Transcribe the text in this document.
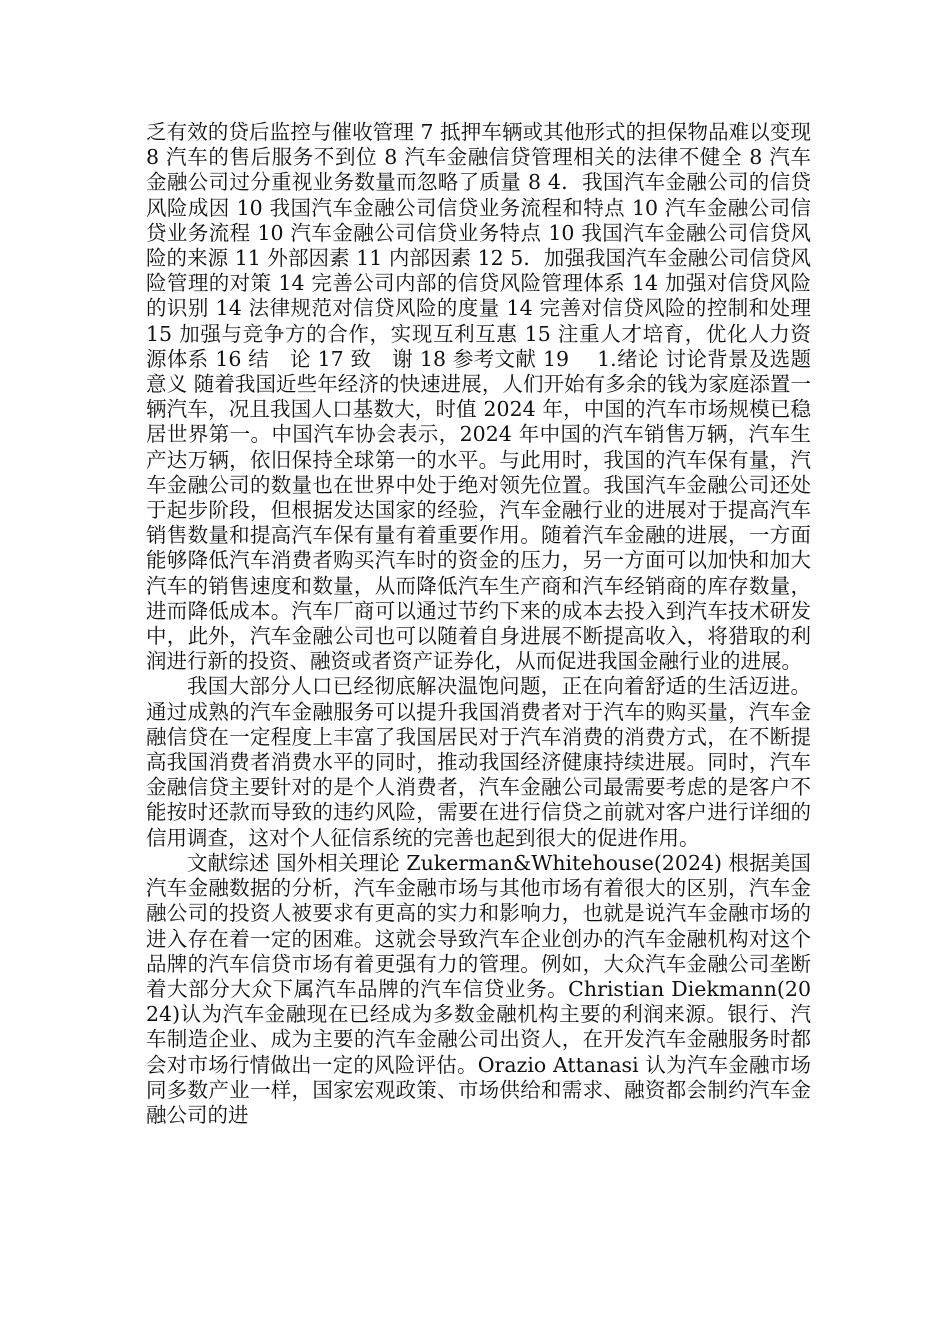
乏有效的贷后监控与催收管理 7 抵押车辆或其他形式的担保物品难以变现 8 汽车的售后服务不到位 8 汽车金融信贷管理相关的法律不健全 8 汽车金融公司过分重视业务数量而忽略了质量 8 4．我国汽车金融公司的信贷风险成因 10 我国汽车金融公司信贷业务流程和特点 10 汽车金融公司信贷业务流程 10 汽车金融公司信贷业务特点 10 我国汽车金融公司信贷风险的来源 11 外部因素 11 内部因素 12 5．加强我国汽车金融公司信贷风险管理的对策 14 完善公司内部的信贷风险管理体系 14 加强对信贷风险的识别 14 法律规范对信贷风险的度量 14 完善对信贷风险的控制和处理 15 加强与竞争方的合作，实现互利互惠 15 注重人才培育，优化人力资源体系 16 结　论 17 致　谢 18 参考文献 19　 1.绪论 讨论背景及选题意义 随着我国近些年经济的快速进展，人们开始有多余的钱为家庭添置一辆汽车，况且我国人口基数大，时值 2024 年，中国的汽车市场规模已稳居世界第一。中国汽车协会表示，2024 年中国的汽车销售万辆，汽车生产达万辆，依旧保持全球第一的水平。与此用时，我国的汽车保有量，汽车金融公司的数量也在世界中处于绝对领先位置。我国汽车金融公司还处于起步阶段，但根据发达国家的经验，汽车金融行业的进展对于提高汽车销售数量和提高汽车保有量有着重要作用。随着汽车金融的进展，一方面能够降低汽车消费者购买汽车时的资金的压力，另一方面可以加快和加大汽车的销售速度和数量，从而降低汽车生产商和汽车经销商的库存数量，进而降低成本。汽车厂商可以通过节约下来的成本去投入到汽车技术研发中，此外，汽车金融公司也可以随着自身进展不断提高收入，将猎取的利润进行新的投资、融资或者资产证券化，从而促进我国金融行业的进展。

我国大部分人口已经彻底解决温饱问题，正在向着舒适的生活迈进。通过成熟的汽车金融服务可以提升我国消费者对于汽车的购买量，汽车金融信贷在一定程度上丰富了我国居民对于汽车消费的消费方式，在不断提高我国消费者消费水平的同时，推动我国经济健康持续进展。同时，汽车金融信贷主要针对的是个人消费者，汽车金融公司最需要考虑的是客户不能按时还款而导致的违约风险，需要在进行信贷之前就对客户进行详细的信用调查，这对个人征信系统的完善也起到很大的促进作用。

文献综述 国外相关理论 Zukerman&Whitehouse(2024) 根据美国汽车金融数据的分析，汽车金融市场与其他市场有着很大的区别，汽车金融公司的投资人被要求有更高的实力和影响力，也就是说汽车金融市场的进入存在着一定的困难。这就会导致汽车企业创办的汽车金融机构对这个品牌的汽车信贷市场有着更强有力的管理。例如，大众汽车金融公司垄断着大部分大众下属汽车品牌的汽车信贷业务。Christian Diekmann(2024)认为汽车金融现在已经成为多数金融机构主要的利润来源。银行、汽车制造企业、成为主要的汽车金融公司出资人，在开发汽车金融服务时都会对市场行情做出一定的风险评估。Orazio Attanasi 认为汽车金融市场同多数产业一样，国家宏观政策、市场供给和需求、融资都会制约汽车金融公司的进
